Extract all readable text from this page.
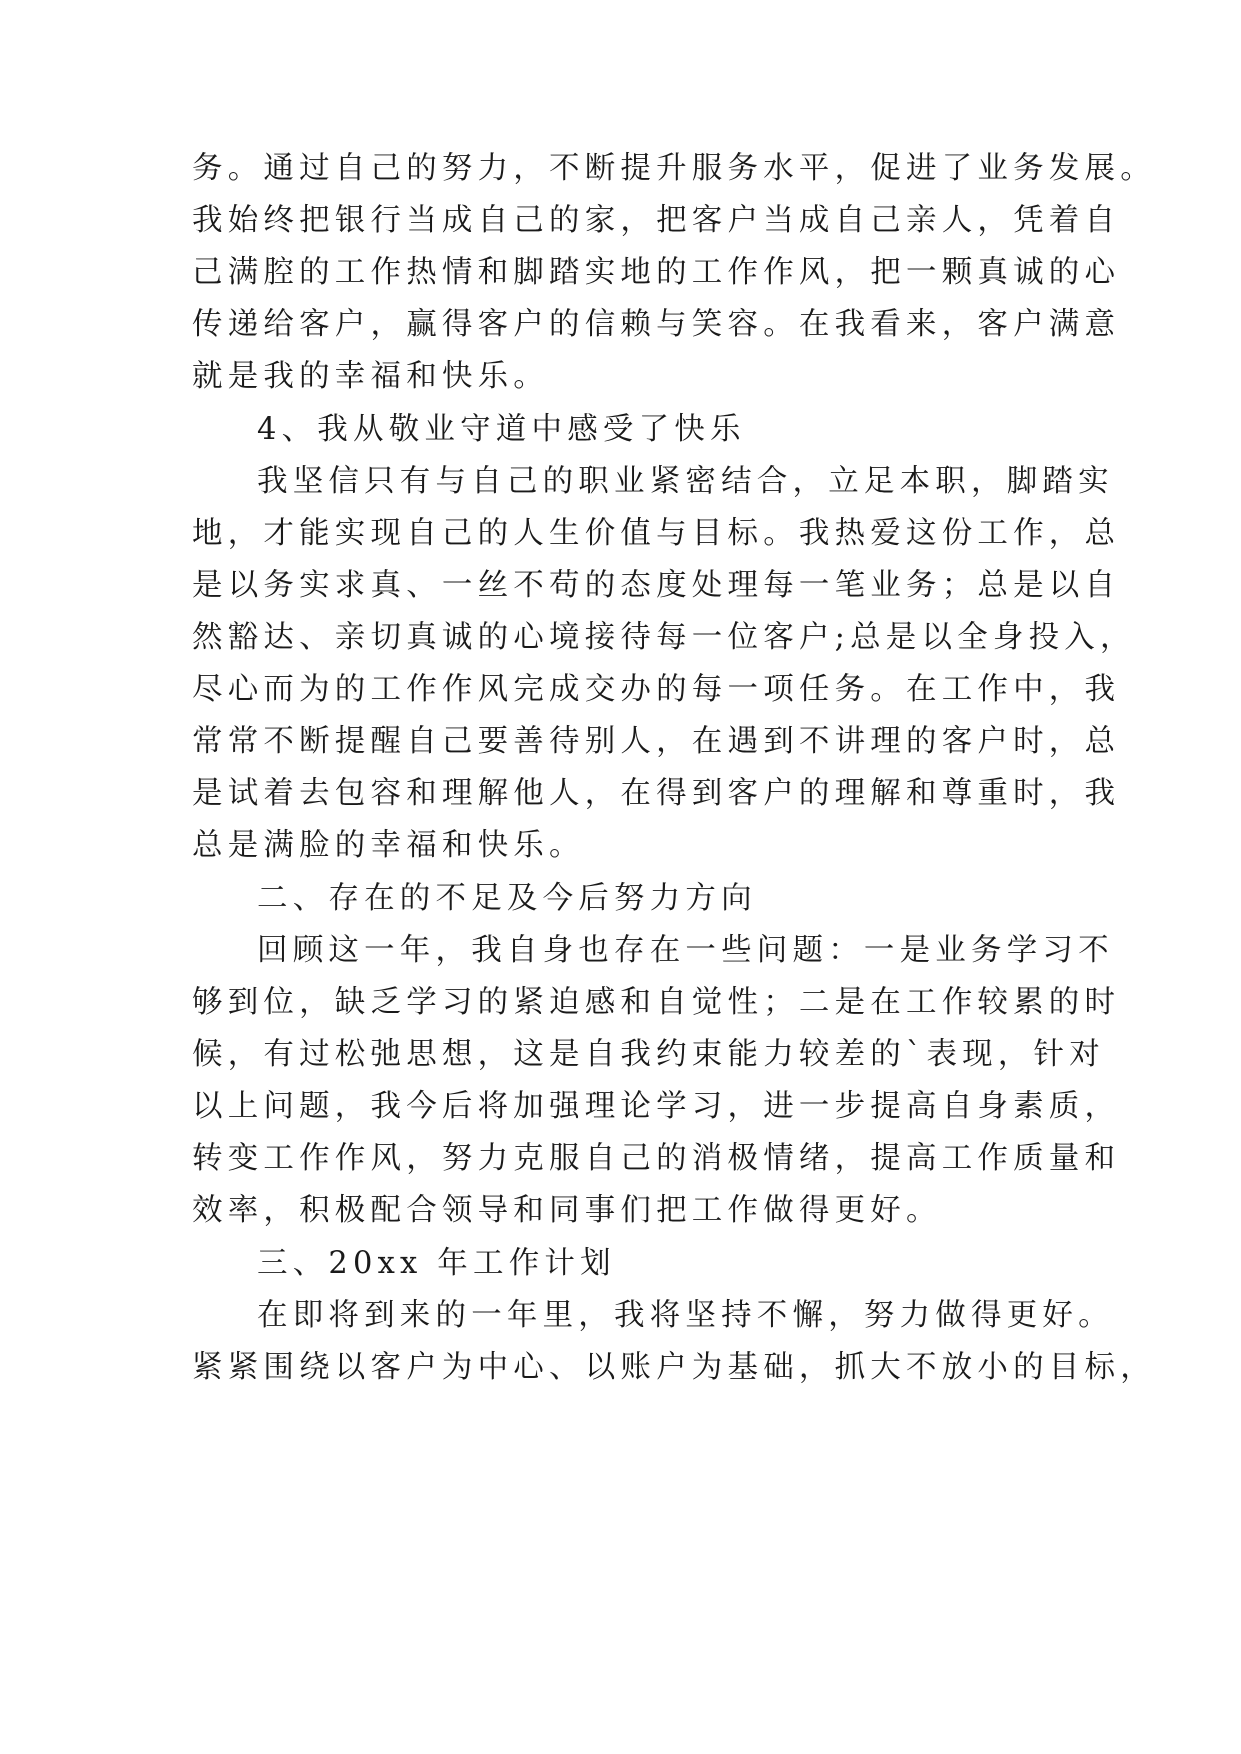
务。通过自己的努力，不断提升服务水平，促进了业务发展。
我始终把银行当成自己的家，把客户当成自己亲人，凭着自
己满腔的工作热情和脚踏实地的工作作风，把一颗真诚的心
传递给客户，赢得客户的信赖与笑容。在我看来，客户满意
就是我的幸福和快乐。
4、我从敬业守道中感受了快乐
我坚信只有与自己的职业紧密结合，立足本职，脚踏实
地，才能实现自己的人生价值与目标。我热爱这份工作，总
是以务实求真、一丝不苟的态度处理每一笔业务；总是以自
然豁达、亲切真诚的心境接待每一位客户;总是以全身投入，
尽心而为的工作作风完成交办的每一项任务。在工作中，我
常常不断提醒自己要善待别人，在遇到不讲理的客户时，总
是试着去包容和理解他人，在得到客户的理解和尊重时，我
总是满脸的幸福和快乐。
二、存在的不足及今后努力方向
回顾这一年，我自身也存在一些问题：一是业务学习不
够到位，缺乏学习的紧迫感和自觉性；二是在工作较累的时
候，有过松弛思想，这是自我约束能力较差的`表现，针对
以上问题，我今后将加强理论学习，进一步提高自身素质，
转变工作作风，努力克服自己的消极情绪，提高工作质量和
效率，积极配合领导和同事们把工作做得更好。
三、20xx 年工作计划
在即将到来的一年里，我将坚持不懈，努力做得更好。
紧紧围绕以客户为中心、以账户为基础，抓大不放小的目标，
